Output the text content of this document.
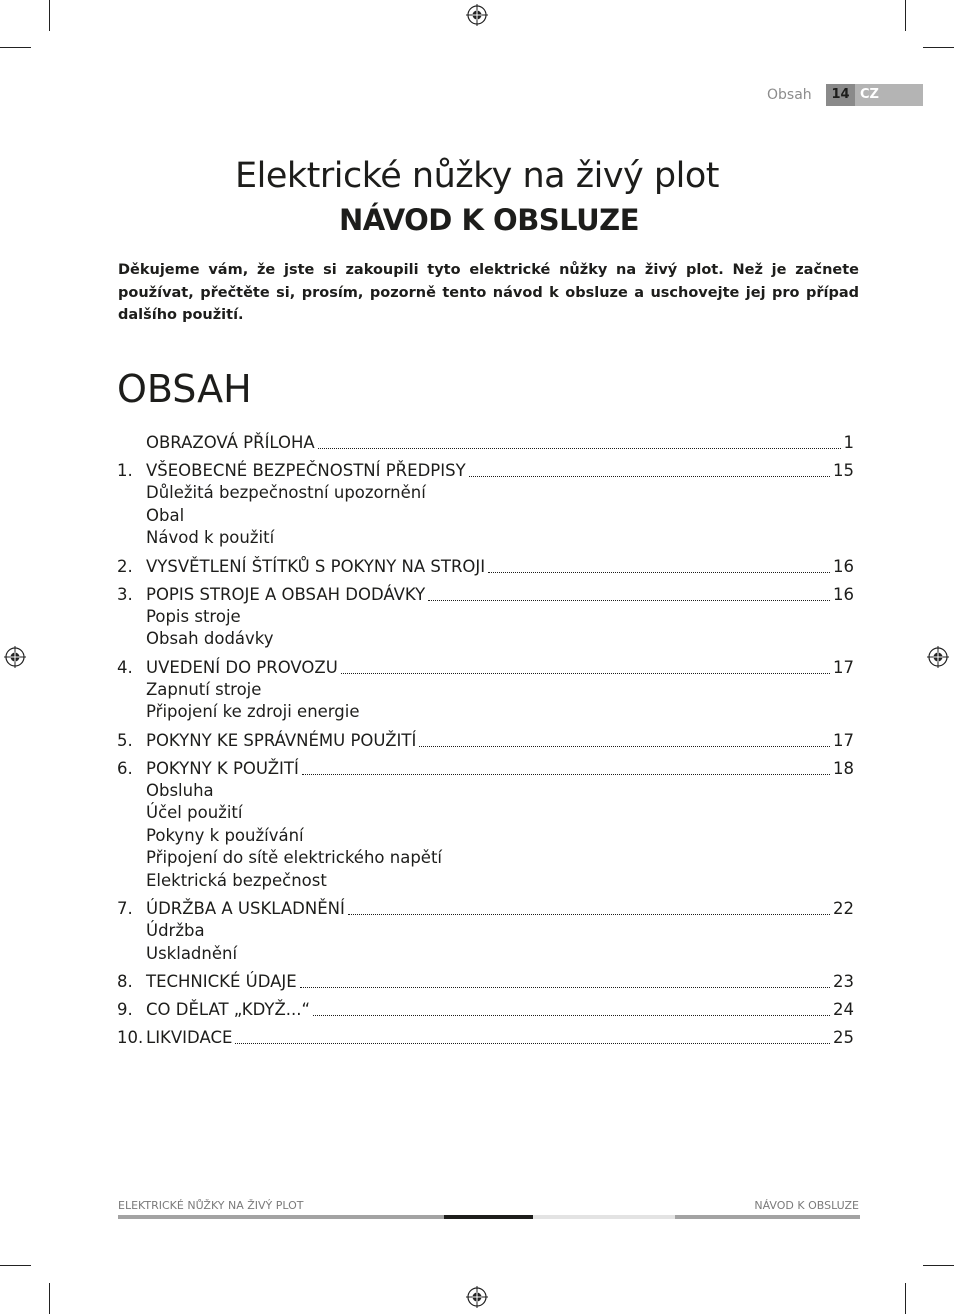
Obsah	14 CZ
Elektrické nůžky na živý plot
NÁVOD K OBSLUZE
Děkujeme vám, že jste si zakoupili tyto elektrické nůžky na živý plot. Než je začnete používat, přečtěte si, prosím, pozorně tento návod k obsluze a uschovejte jej pro případ dalšího použití.
OBSAH
OBRAZOVÁ PŘÍLOHA	1
1. VŠEOBECNÉ BEZPEČNOSTNÍ PŘEDPISY	15
Důležitá bezpečnostní upozornění
Obal
Návod k použití
2. VYSVĚTLENÍ ŠTÍTKŮ S POKYNY NA STROJI	16
3. POPIS STROJE A OBSAH DODÁVKY	16
Popis stroje
Obsah dodávky
4. UVEDENÍ DO PROVOZU	17
Zapnutí stroje
Připojení ke zdroji energie
5. POKYNY KE SPRÁVNÉMU POUŽITÍ	17
6. POKYNY K POUŽITÍ	18
Obsluha
Účel použití
Pokyny k používání
Připojení do sítě elektrického napětí
Elektrická bezpečnost
7. ÚDRŽBA A USKLADNĚNÍ	22
Údržba
Uskladnění
8. TECHNICKÉ ÚDAJE	23
9. CO DĚLAT „KDYŽ...“	24
10. LIKVIDACE	25
ELEKTRICKÉ NŮŽKY NA ŽIVÝ PLOT	NÁVOD K OBSLUZE
